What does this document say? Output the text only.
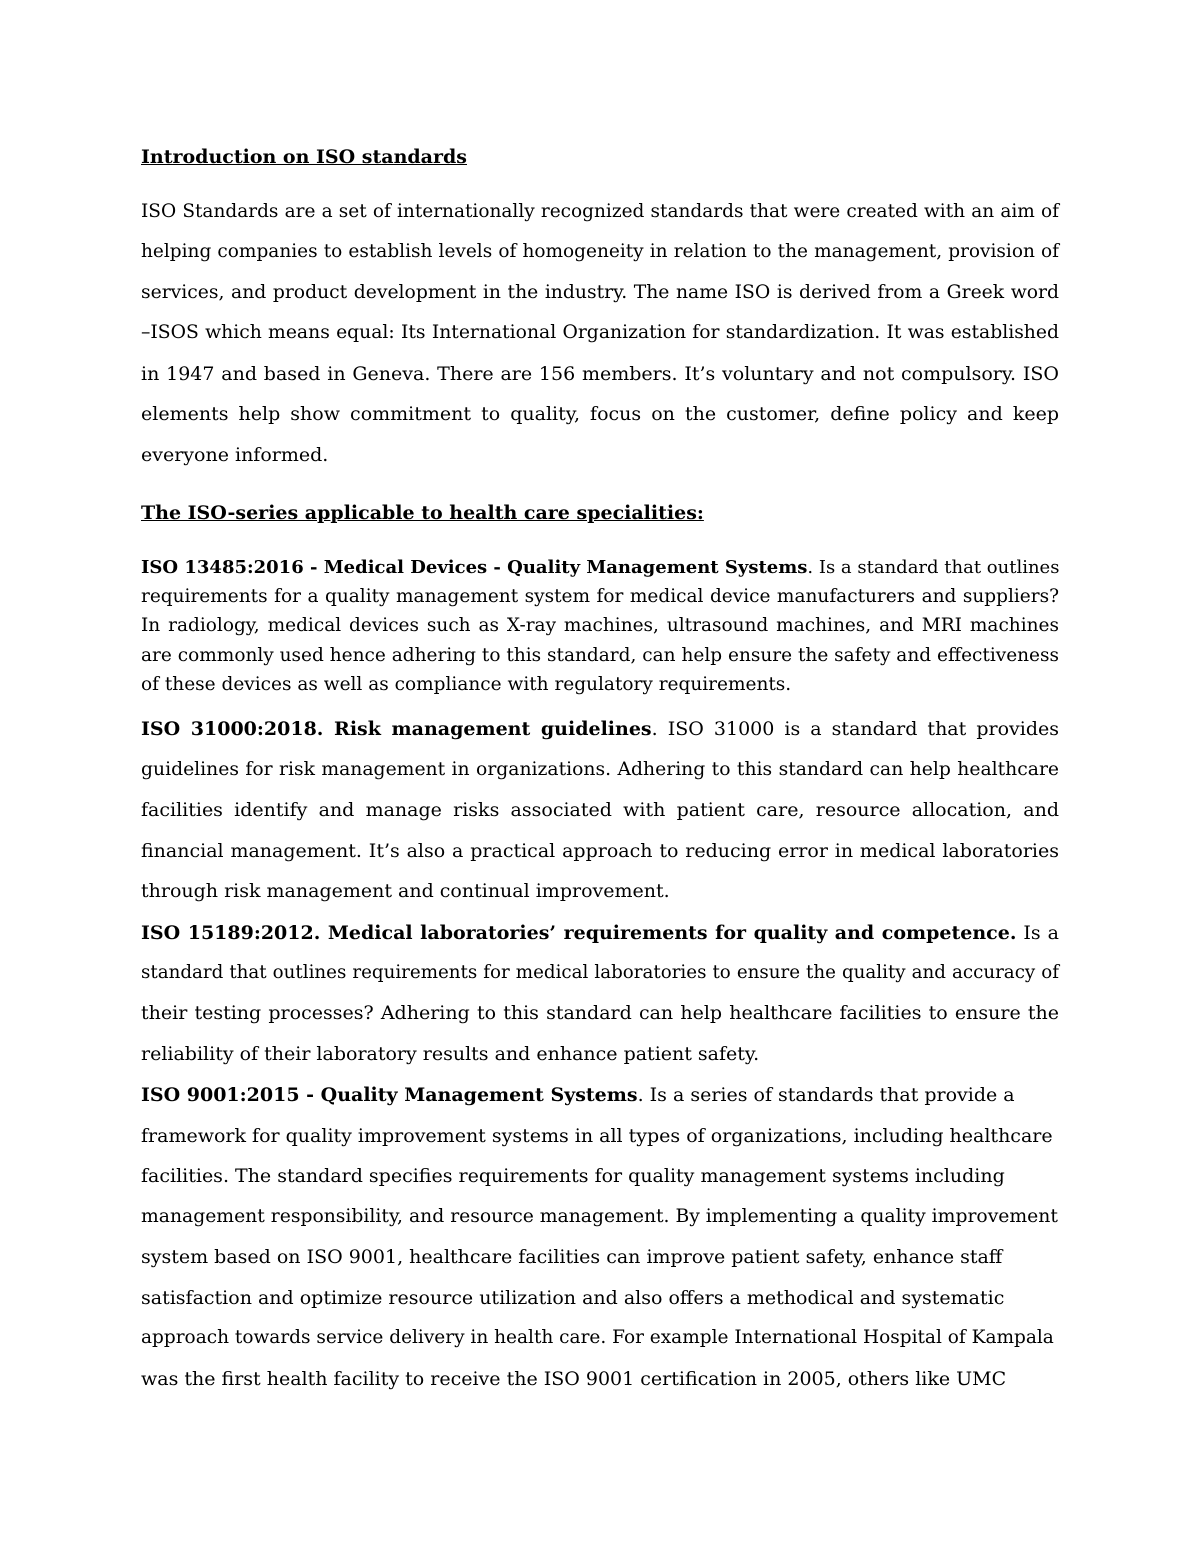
Introduction on ISO standards
ISO Standards are a set of internationally recognized standards that were created with an aim of
helping companies to establish levels of homogeneity in relation to the management, provision of
services, and product development in the industry. The name ISO is derived from a Greek word
–ISOS which means equal: Its International Organization for standardization. It was established
in 1947 and based in Geneva. There are 156 members. It’s voluntary and not compulsory. ISO
elements help show commitment to quality, focus on the customer, define policy and keep
everyone informed.
The ISO-series applicable to health care specialities:
ISO 13485:2016 - Medical Devices - Quality Management Systems. Is a standard that outlines
requirements for a quality management system for medical device manufacturers and suppliers?
In radiology, medical devices such as X-ray machines, ultrasound machines, and MRI machines
are commonly used hence adhering to this standard, can help ensure the safety and effectiveness
of these devices as well as compliance with regulatory requirements.
ISO 31000:2018. Risk management guidelines. ISO 31000 is a standard that provides
guidelines for risk management in organizations. Adhering to this standard can help healthcare
facilities identify and manage risks associated with patient care, resource allocation, and
financial management. It’s also a practical approach to reducing error in medical laboratories
through risk management and continual improvement.
ISO 15189:2012. Medical laboratories’ requirements for quality and competence. Is a
standard that outlines requirements for medical laboratories to ensure the quality and accuracy of
their testing processes? Adhering to this standard can help healthcare facilities to ensure the
reliability of their laboratory results and enhance patient safety.
ISO 9001:2015 - Quality Management Systems. Is a series of standards that provide a
framework for quality improvement systems in all types of organizations, including healthcare
facilities. The standard specifies requirements for quality management systems including
management responsibility, and resource management. By implementing a quality improvement
system based on ISO 9001, healthcare facilities can improve patient safety, enhance staff
satisfaction and optimize resource utilization and also offers a methodical and systematic
approach towards service delivery in health care. For example International Hospital of Kampala
was the first health facility to receive the ISO 9001 certification in 2005, others like UMC
